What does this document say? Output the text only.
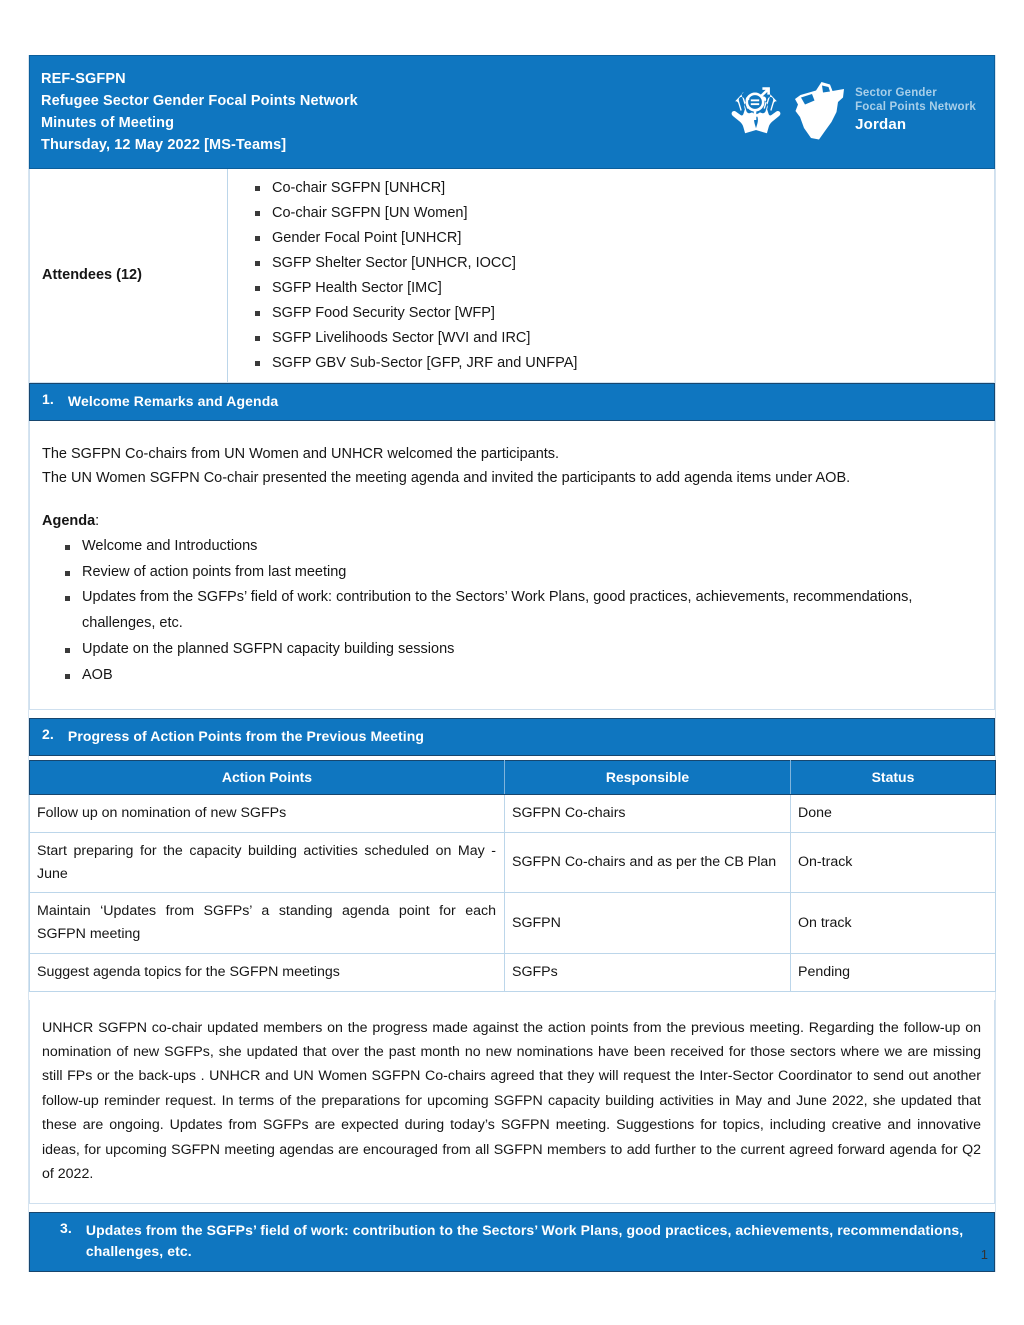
REF-SGFPN
Refugee Sector Gender Focal Points Network
Minutes of Meeting
Thursday, 12 May 2022 [MS-Teams]
Sector Gender
Focal Points Network
Jordan
Attendees (12)
Co-chair SGFPN [UNHCR]
Co-chair SGFPN [UN Women]
Gender Focal Point [UNHCR]
SGFP Shelter Sector [UNHCR, IOCC]
SGFP Health Sector [IMC]
SGFP Food Security Sector [WFP]
SGFP Livelihoods Sector [WVI and IRC]
SGFP GBV Sub-Sector [GFP, JRF and UNFPA]
1. Welcome Remarks and Agenda

The SGFPN Co-chairs from UN Women and UNHCR welcomed the participants.

The UN Women SGFPN Co-chair presented the meeting agenda and invited the participants to add agenda items under AOB.

Agenda:

Welcome and Introductions
Review of action points from last meeting
Updates from the SGFPs’ field of work: contribution to the Sectors’ Work Plans, good practices, achievements, recommendations, challenges, etc.
Update on the planned SGFPN capacity building sessions
AOB
2. Progress of Action Points from the Previous Meeting
Action Points	Responsible	Status
Follow up on nomination of new SGFPs	SGFPN Co-chairs	Done
Start preparing for the capacity building activities scheduled on May - June	SGFPN Co-chairs and as per the CB Plan	On-track
Maintain ‘Updates from SGFPs’ a standing agenda point for each SGFPN meeting	SGFPN	On track
Suggest agenda topics for the SGFPN meetings	SGFPs	Pending

UNHCR SGFPN co-chair updated members on the progress made against the action points from the previous meeting. Regarding the follow-up on nomination of new SGFPs, she updated that over the past month no new nominations have been received for those sectors where we are missing still FPs or the back-ups . UNHCR and UN Women SGFPN Co-chairs agreed that they will request the Inter-Sector Coordinator to send out another follow-up reminder request. In terms of the preparations for upcoming SGFPN capacity building activities in May and June 2022, she updated that these are ongoing. Updates from SGFPs are expected during today’s SGFPN meeting. Suggestions for topics, including creative and innovative ideas, for upcoming SGFPN meeting agendas are encouraged from all SGFPN members to add further to the current agreed forward agenda for Q2 of 2022.

3. Updates from the SGFPs’ field of work: contribution to the Sectors’ Work Plans, good practices, achievements, recommendations, challenges, etc.	1
